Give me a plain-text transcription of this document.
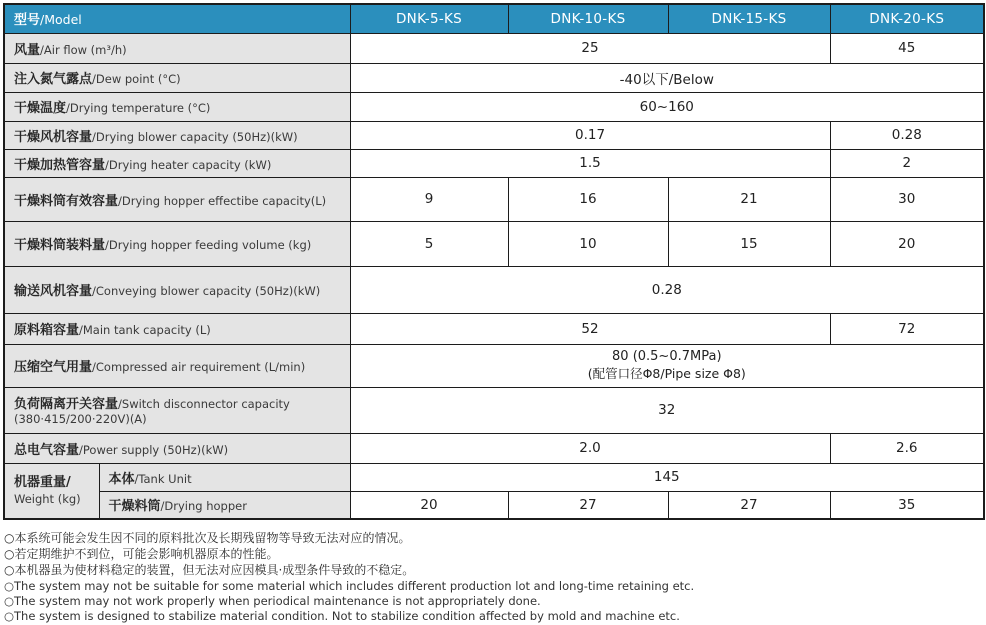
型号/Model		DNK-5-KS	DNK-10-KS	DNK-15-KS	DNK-20-KS
风量/Air flow (m³/h)		25			45
注入氮气露点/Dew point (°C)		-40以下/Below			
干燥温度/Drying temperature (°C)		60~160			
干燥风机容量/Drying blower capacity (50Hz)(kW)		0.17			0.28
干燥加热管容量/Drying heater capacity (kW)		1.5			2
干燥料筒有效容量/Drying hopper effectibe capacity(L)		9	16	21	30
干燥料筒装料量/Drying hopper feeding volume (kg)		5	10	15	20
输送风机容量/Conveying blower capacity (50Hz)(kW)		0.28			
原料箱容量/Main tank capacity (L)		52			72
压缩空气用量/Compressed air requirement (L/min)		80 (0.5~0.7MPa)
(配管口径Φ8/Pipe size Φ8)			

负荷隔离开关容量/Switch disconnector capacity
(380·415/200·220V)(A)		32			
总电气容量/Power supply (50Hz)(kW)		2.0			2.6

机器重量/
Weight (kg)	本体/Tank Unit	145			
	干燥料筒/Drying hopper	20	27	27	35
○本系统可能会发生因不同的原料批次及长期残留物等导致无法对应的情况。
○若定期维护不到位，可能会影响机器原本的性能。
○本机器虽为使材料稳定的装置，但无法对应因模具·成型条件导致的不稳定。
○The system may not be suitable for some material which includes different production lot and long-time retaining etc.
○The system may not work properly when periodical maintenance is not appropriately done.
○The system is designed to stabilize material condition. Not to stabilize condition affected by mold and machine etc.
